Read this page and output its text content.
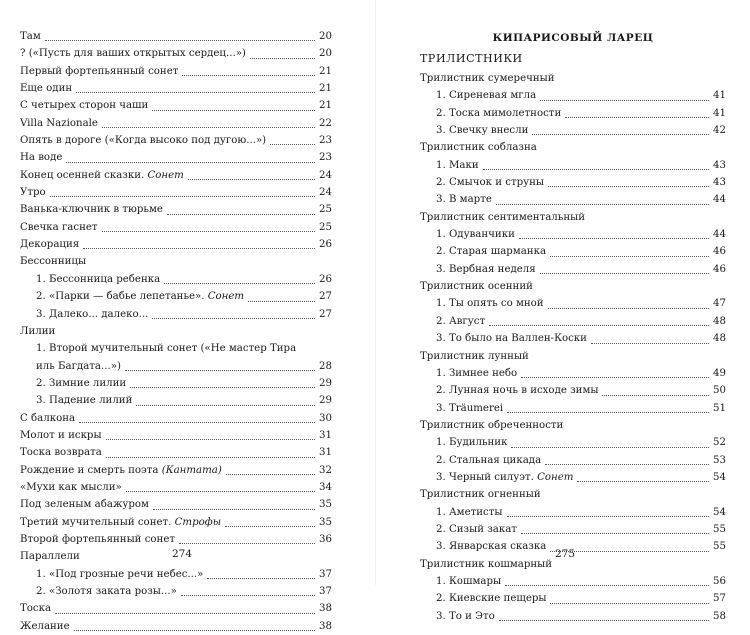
Там	20
? («Пусть для ваших открытых сердец...»)	20
Первый фортепьянный сонет	21
Еще один	21
С четырех сторон чаши	21
Villa Nazionale	22
Опять в дороге («Когда высоко под дугою...»)	23
На воде	23
Конец осенней сказки. Сонет	24
Утро	24
Ванька-ключник в тюрьме	25
Свечка гаснет	25
Декорация	26
Бессонницы
1. Бессонница ребенка	26
2. «Парки — бабье лепетанье». Сонет	27
3. Далеко... далеко...	27
Лилии
1. Второй мучительный сонет («Не мастер Тира
иль Багдата...»)	28
2. Зимние лилии	29
3. Падение лилий	29
С балкона	30
Молот и искры	31
Тоска возврата	31
Рождение и смерть поэта (Кантата)	32
«Мухи как мысли»	34
Под зеленым абажуром	35
Третий мучительный сонет. Строфы	35
Второй фортепьянный сонет	36
Параллели
1. «Под грозные речи небес...»	37
2. «Золотя заката розы...»	37
Тоска	38
Желание	38
274
КИПАРИСОВЫЙ ЛАРЕЦ
ТРИЛИСТНИКИ
Трилистник сумеречный
1. Сиреневая мгла	41
2. Тоска мимолетности	41
3. Свечку внесли	42
Трилистник соблазна
1. Маки	43
2. Смычок и струны	43
3. В марте	44
Трилистник сентиментальный
1. Одуванчики	44
2. Старая шарманка	46
3. Вербная неделя	46
Трилистник осенний
1. Ты опять со мной	47
2. Август	48
3. То было на Валлен-Коски	48
Трилистник лунный
1. Зимнее небо	49
2. Лунная ночь в исходе зимы	50
3. Träumerei	51
Трилистник обреченности
1. Будильник	52
2. Стальная цикада	53
3. Черный силуэт. Сонет	54
Трилистник огненный
1. Аметисты	54
2. Сизый закат	55
3. Январская сказка	55
Трилистник кошмарный
1. Кошмары	56
2. Киевские пещеры	57
3. То и Это	58
275
